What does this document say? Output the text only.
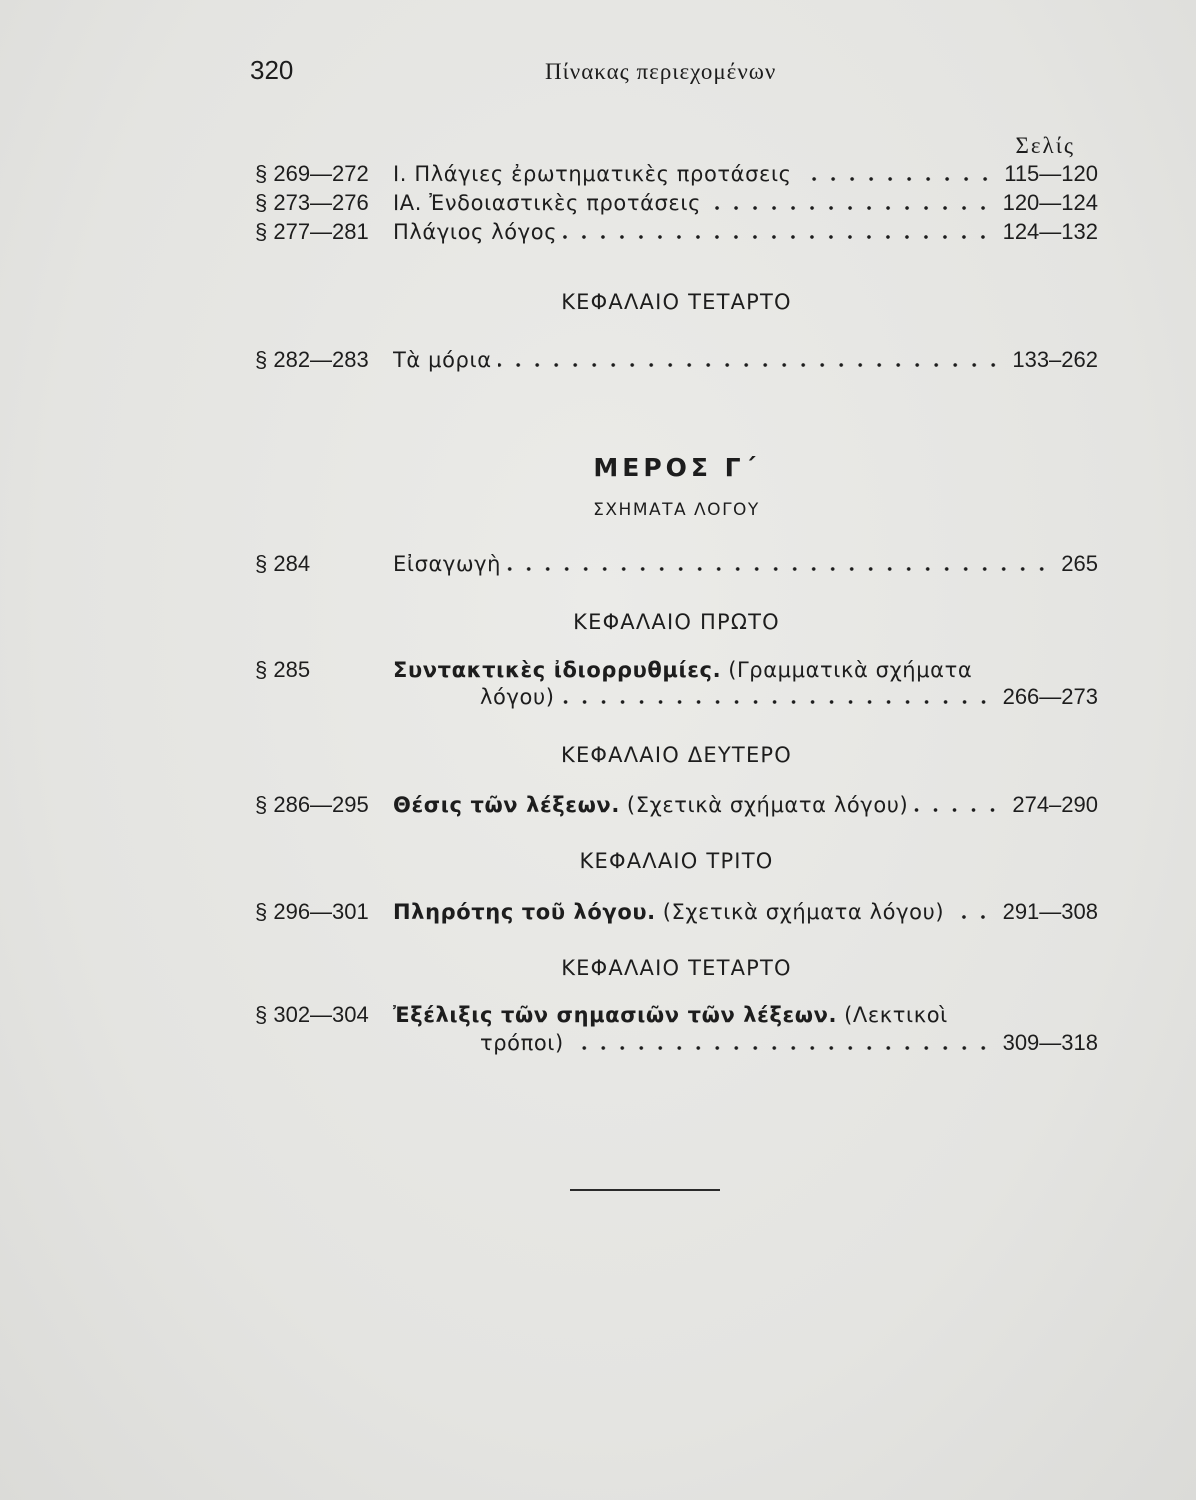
320	Πίνακας περιεχομένων
Σελίς
§ 269—272	Ι. Πλάγιες ἐρωτηματικὲς προτάσεις	115—120
§ 273—276	ΙΑ. Ἐνδοιαστικὲς προτάσεις	120—124
§ 277—281	Πλάγιος λόγος	124—132
ΚΕΦΑΛΑΙΟ ΤΕΤΑΡΤΟ
§ 282—283	Τὰ μόρια	133–262
ΜΕΡΟΣ Γ΄
ΣΧΗΜΑΤΑ ΛΟΓΟΥ
§ 284	Εἰσαγωγὴ	265
ΚΕΦΑΛΑΙΟ ΠΡΩΤΟ
§ 285	Συντακτικὲς ἰδιορρυθμίες. (Γραμματικὰ σχήματα
λόγου)	266—273
ΚΕΦΑΛΑΙΟ ΔΕΥΤΕΡΟ
§ 286—295	Θέσις τῶν λέξεων. (Σχετικὰ σχήματα λόγου)	274–290
ΚΕΦΑΛΑΙΟ ΤΡΙΤΟ
§ 296—301	Πληρότης τοῦ λόγου. (Σχετικὰ σχήματα λόγου)	291—308
ΚΕΦΑΛΑΙΟ ΤΕΤΑΡΤΟ
§ 302—304	Ἐξέλιξις τῶν σημασιῶν τῶν λέξεων. (Λεκτικοὶ
τρόποι)	309—318
